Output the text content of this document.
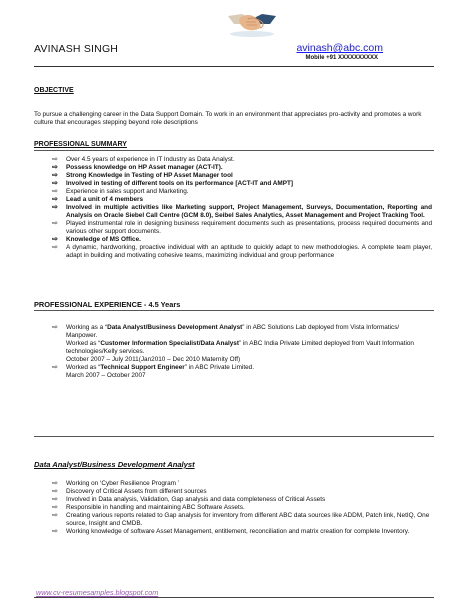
AVINASH SINGH	avinash@abc.com
Mobile +91 XXXXXXXXXX
OBJECTIVE
To pursue a challenging career in the Data Support Domain. To work in an environment that appreciates pro-activity and promotes a work culture that encourages stepping beyond role descriptions
PROFESSIONAL SUMMARY
⇨ Over 4.5 years of experience in IT Industry as Data Analyst.
⇨ Possess knowledge on HP Asset manager (ACT-IT).
⇨ Strong Knowledge in Testing of HP Asset Manager tool
⇨ Involved in testing of different tools on its performance [ACT-IT and AMPT]
⇨ Experience in sales support and Marketing.
⇨ Lead a unit of 4 members
⇨ Involved in multiple activities like Marketing support, Project Management, Surveys, Documentation, Reporting and Analysis on Oracle Siebel Call Centre (GCM 8.0), Seibel Sales Analytics, Asset Management and Project Tracking Tool.
⇨ Played instrumental role in designing business requirement documents such as presentations, process required documents and various other support documents.
⇨ Knowledge of MS Office.
⇨ A dynamic, hardworking, proactive individual with an aptitude to quickly adapt to new methodologies. A complete team player, adapt in building and motivating cohesive teams, maximizing individual and group performance
PROFESSIONAL EXPERIENCE - 4.5 Years
⇨ Working as a “Data Analyst/Business Development Analyst” in ABC Solutions Lab deployed from Vista Informatics/ Manpower.
Worked as “Customer Information Specialist/Data Analyst” in ABC India Private Limited deployed from Vault Information technologies/Kelly services.
October 2007 – July 2011(Jan2010 – Dec 2010 Maternity Off)
⇨ Worked as “Technical Support Engineer” in ABC Private Limited.
March 2007 – October 2007
Data Analyst/Business Development Analyst
⇨ Working on ‘Cyber Resilience Program ’
⇨ Discovery of Critical Assets from different sources
⇨ Involved in Data analysis, Validation, Gap analysis and data completeness of Critical Assets
⇨ Responsible in handling and maintaining ABC Software Assets.
⇨ Creating various reports related to Gap analysis for inventory from different ABC data sources like ADDM, Patch link, NetIQ, One source, Insight and CMDB.
⇨ Working knowledge of software Asset Management, entitlement, reconciliation and matrix creation for complete Inventory.
www.cv-resumesamples.blogspot.com
